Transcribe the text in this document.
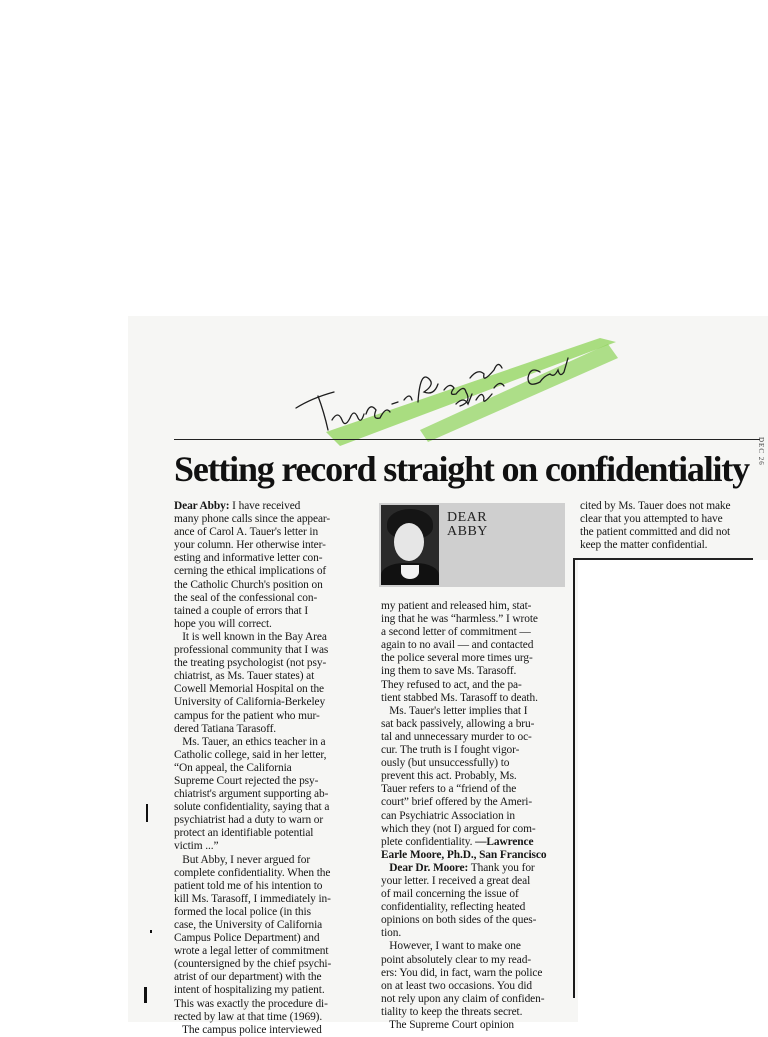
DEC 26
Setting record straight on confidentiality
DEAR
ABBY
Dear Abby: I have received
many phone calls since the appear-
ance of Carol A. Tauer's letter in
your column. Her otherwise inter-
esting and informative letter con-
cerning the ethical implications of
the Catholic Church's position on
the seal of the confessional con-
tained a couple of errors that I
hope you will correct.
It is well known in the Bay Area
professional community that I was
the treating psychologist (not psy-
chiatrist, as Ms. Tauer states) at
Cowell Memorial Hospital on the
University of California-Berkeley
campus for the patient who mur-
dered Tatiana Tarasoff.
Ms. Tauer, an ethics teacher in a
Catholic college, said in her letter,
“On appeal, the California
Supreme Court rejected the psy-
chiatrist's argument supporting ab-
solute confidentiality, saying that a
psychiatrist had a duty to warn or
protect an identifiable potential
victim ...”
But Abby, I never argued for
complete confidentiality. When the
patient told me of his intention to
kill Ms. Tarasoff, I immediately in-
formed the local police (in this
case, the University of California
Campus Police Department) and
wrote a legal letter of commitment
(countersigned by the chief psychi-
atrist of our department) with the
intent of hospitalizing my patient.
This was exactly the procedure di-
rected by law at that time (1969).
The campus police interviewed
my patient and released him, stat-
ing that he was “harmless.” I wrote
a second letter of commitment —
again to no avail — and contacted
the police several more times urg-
ing them to save Ms. Tarasoff.
They refused to act, and the pa-
tient stabbed Ms. Tarasoff to death.
Ms. Tauer's letter implies that I
sat back passively, allowing a bru-
tal and unnecessary murder to oc-
cur. The truth is I fought vigor-
ously (but unsuccessfully) to
prevent this act. Probably, Ms.
Tauer refers to a “friend of the
court” brief offered by the Ameri-
can Psychiatric Association in
which they (not I) argued for com-
plete confidentiality. —Lawrence
Earle Moore, Ph.D., San Francisco
Dear Dr. Moore: Thank you for
your letter. I received a great deal
of mail concerning the issue of
confidentiality, reflecting heated
opinions on both sides of the ques-
tion.
However, I want to make one
point absolutely clear to my read-
ers: You did, in fact, warn the police
on at least two occasions. You did
not rely upon any claim of confiden-
tiality to keep the threats secret.
The Supreme Court opinion
cited by Ms. Tauer does not make
clear that you attempted to have
the patient committed and did not
keep the matter confidential.
